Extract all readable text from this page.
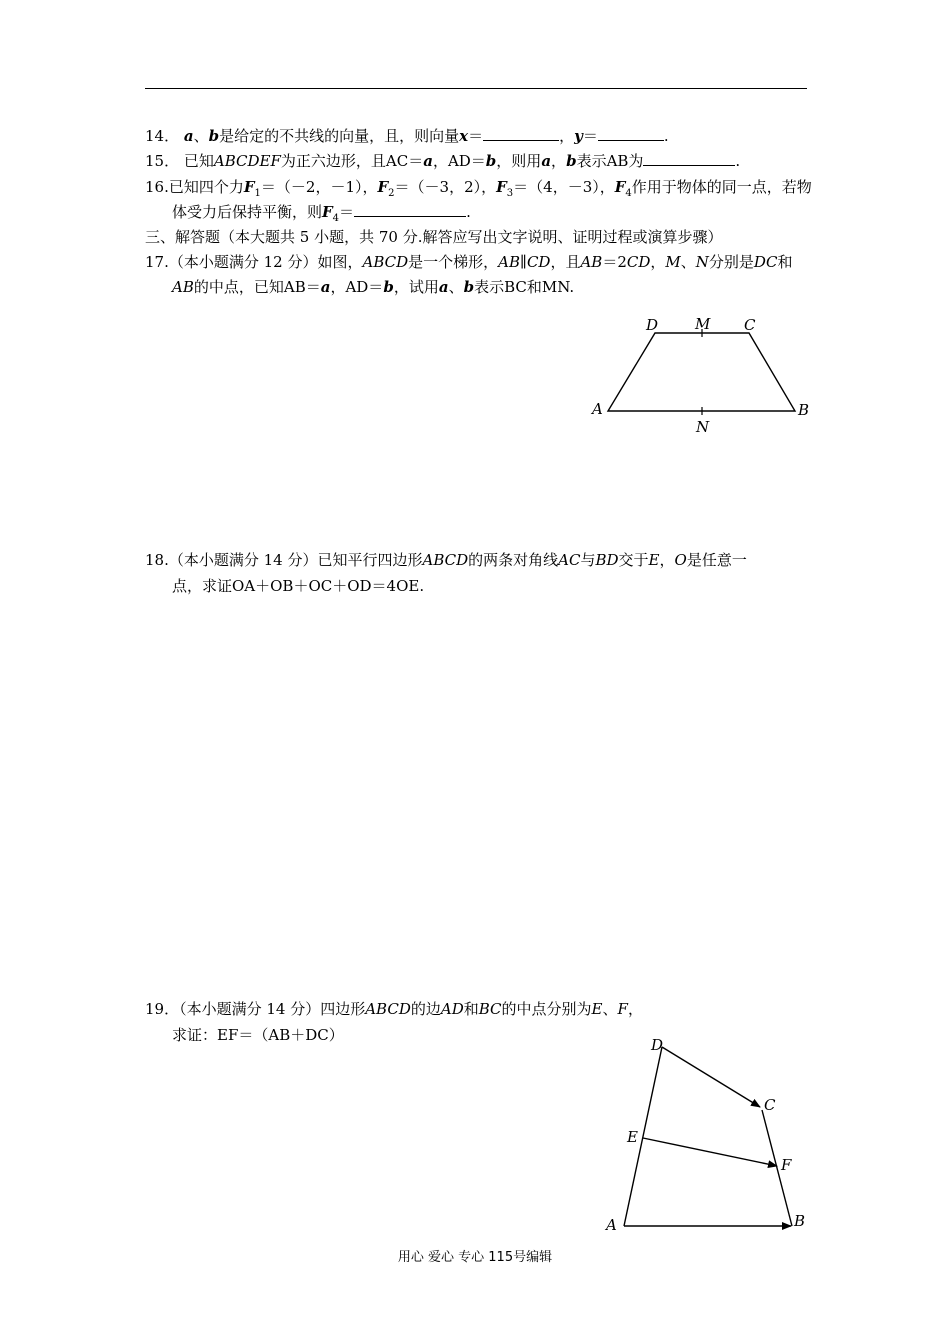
14． a、b是给定的不共线的向量，且，则向量x＝	，y＝	.
15． 已知ABCDEF为正六边形，且AC＝a，AD＝b，则用a，b表示AB为	.
16.已知四个力$F_1=(-2$，－1），$F_2=(-3$，2），$F_3=(4$，－3），$F_4$作用于物体的同一点，若物
体受力后保持平衡，则$F_4=$	.
三、解答题（本大题共 5 小题，共 70 分.解答应写出文字说明、证明过程或演算步骤）
17.（本小题满分 12 分）如图，ABCD是一个梯形，AB∥CD，且AB＝2CD，M、N分别是DC和
AB的中点，已知AB＝a，AD＝b，试用a、b表示BC和MN.
D M C
A
N
B
18.（本小题满分 14 分）已知平行四边形ABCD的两条对角线AC与BD交于E，O是任意一
点，求证OA＋OB＋OC＋OD＝4OE.
19．（本小题满分 14 分）四边形ABCD的边AD和BC的中点分别为E、F，
求证：EF＝（AB＋DC）
D
C
E
F
A	B
用心 爱心 专心 115号编辑
